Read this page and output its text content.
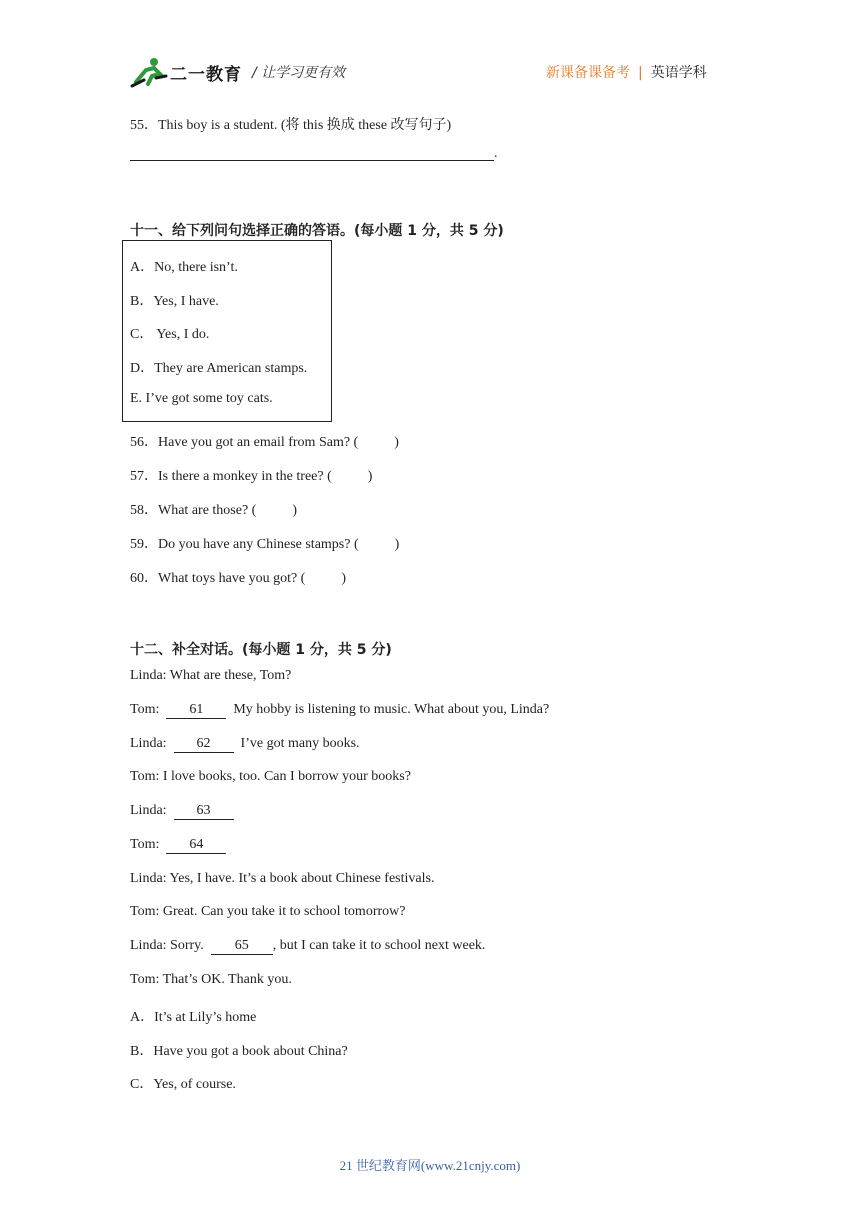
二一教育 / 让学习更有效	新课备课备考 | 英语学科
55．This boy is a student. (将 this 换成 these 改写句子)
.
十一、给下列问句选择正确的答语。(每小题 1 分，共 5 分)
A．No, there isn’t.
B．Yes, I have.
C． Yes, I do.
D．They are American stamps.
E. I’ve got some toy cats.
56．Have you got an email from Sam? (	)
57．Is there a monkey in the tree? (	)
58．What are those? (	)
59．Do you have any Chinese stamps? (	)
60．What toys have you got? (	)
十二、补全对话。(每小题 1 分，共 5 分)
Linda: What are these, Tom?
Tom: 61 My hobby is listening to music. What about you, Linda?
Linda: 62 I’ve got many books.
Tom: I love books, too. Can I borrow your books?
Linda: 63
Tom: 64
Linda: Yes, I have. It’s a book about Chinese festivals.
Tom: Great. Can you take it to school tomorrow?
Linda: Sorry. 65 , but I can take it to school next week.
Tom: That’s OK. Thank you.
A．It’s at Lily’s home
B．Have you got a book about China?
C．Yes, of course.
21 世纪教育网(www.21cnjy.com)
